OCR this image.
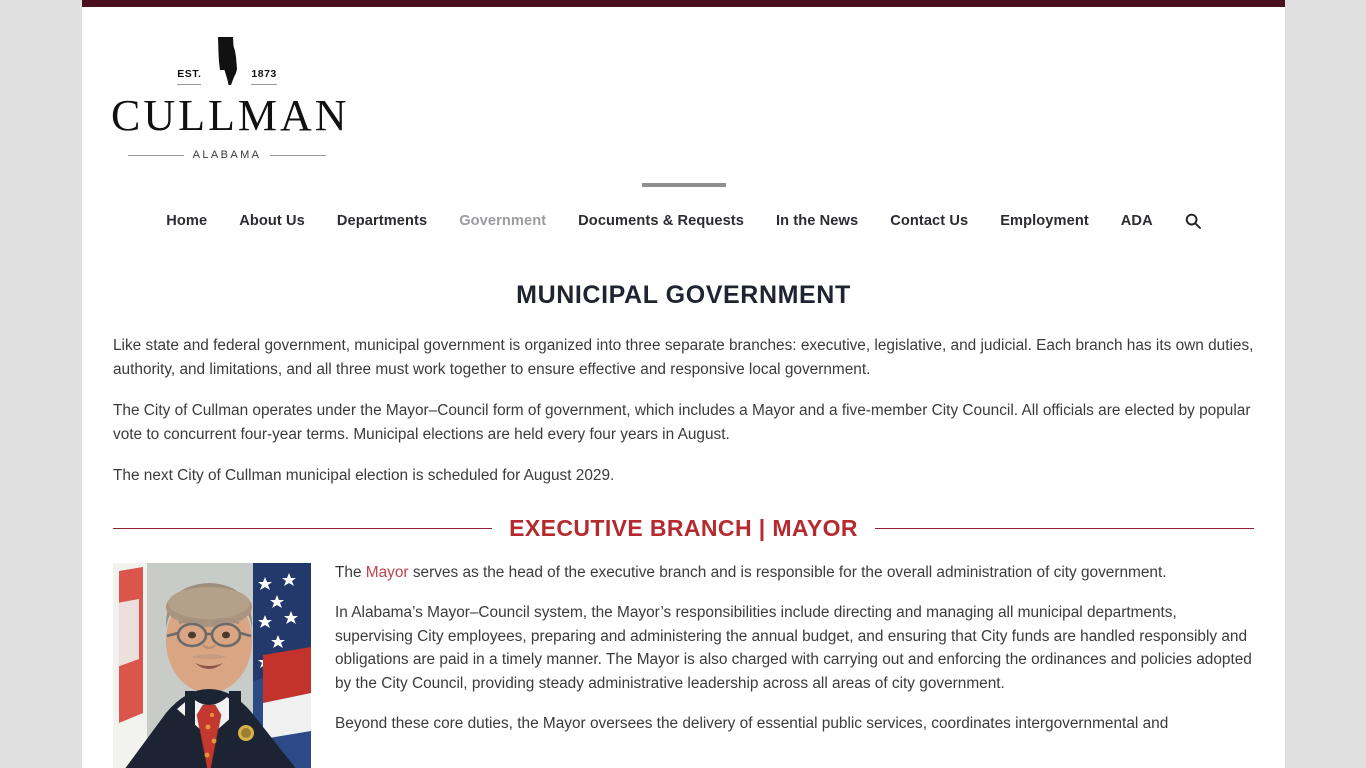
EST.	1873
CULLMAN
ALABAMA
Home About Us Departments Government Documents & Requests In the News Contact Us Employment ADA
MUNICIPAL GOVERNMENT

Like state and federal government, municipal government is organized into three separate branches: executive, legislative, and judicial. Each branch has its own duties, authority, and limitations, and all three must work together to ensure effective and responsive local government.

The City of Cullman operates under the Mayor–Council form of government, which includes a Mayor and a five-member City Council. All officials are elected by popular vote to concurrent four-year terms. Municipal elections are held every four years in August.

The next City of Cullman municipal election is scheduled for August 2029.

EXECUTIVE BRANCH | MAYOR

The Mayor serves as the head of the executive branch and is responsible for the overall administration of city government.

In Alabama’s Mayor–Council system, the Mayor’s responsibilities include directing and managing all municipal departments, supervising City employees, preparing and administering the annual budget, and ensuring that City funds are handled responsibly and obligations are paid in a timely manner. The Mayor is also charged with carrying out and enforcing the ordinances and policies adopted by the City Council, providing steady administrative leadership across all areas of city government.

Beyond these core duties, the Mayor oversees the delivery of essential public services, coordinates intergovernmental and
